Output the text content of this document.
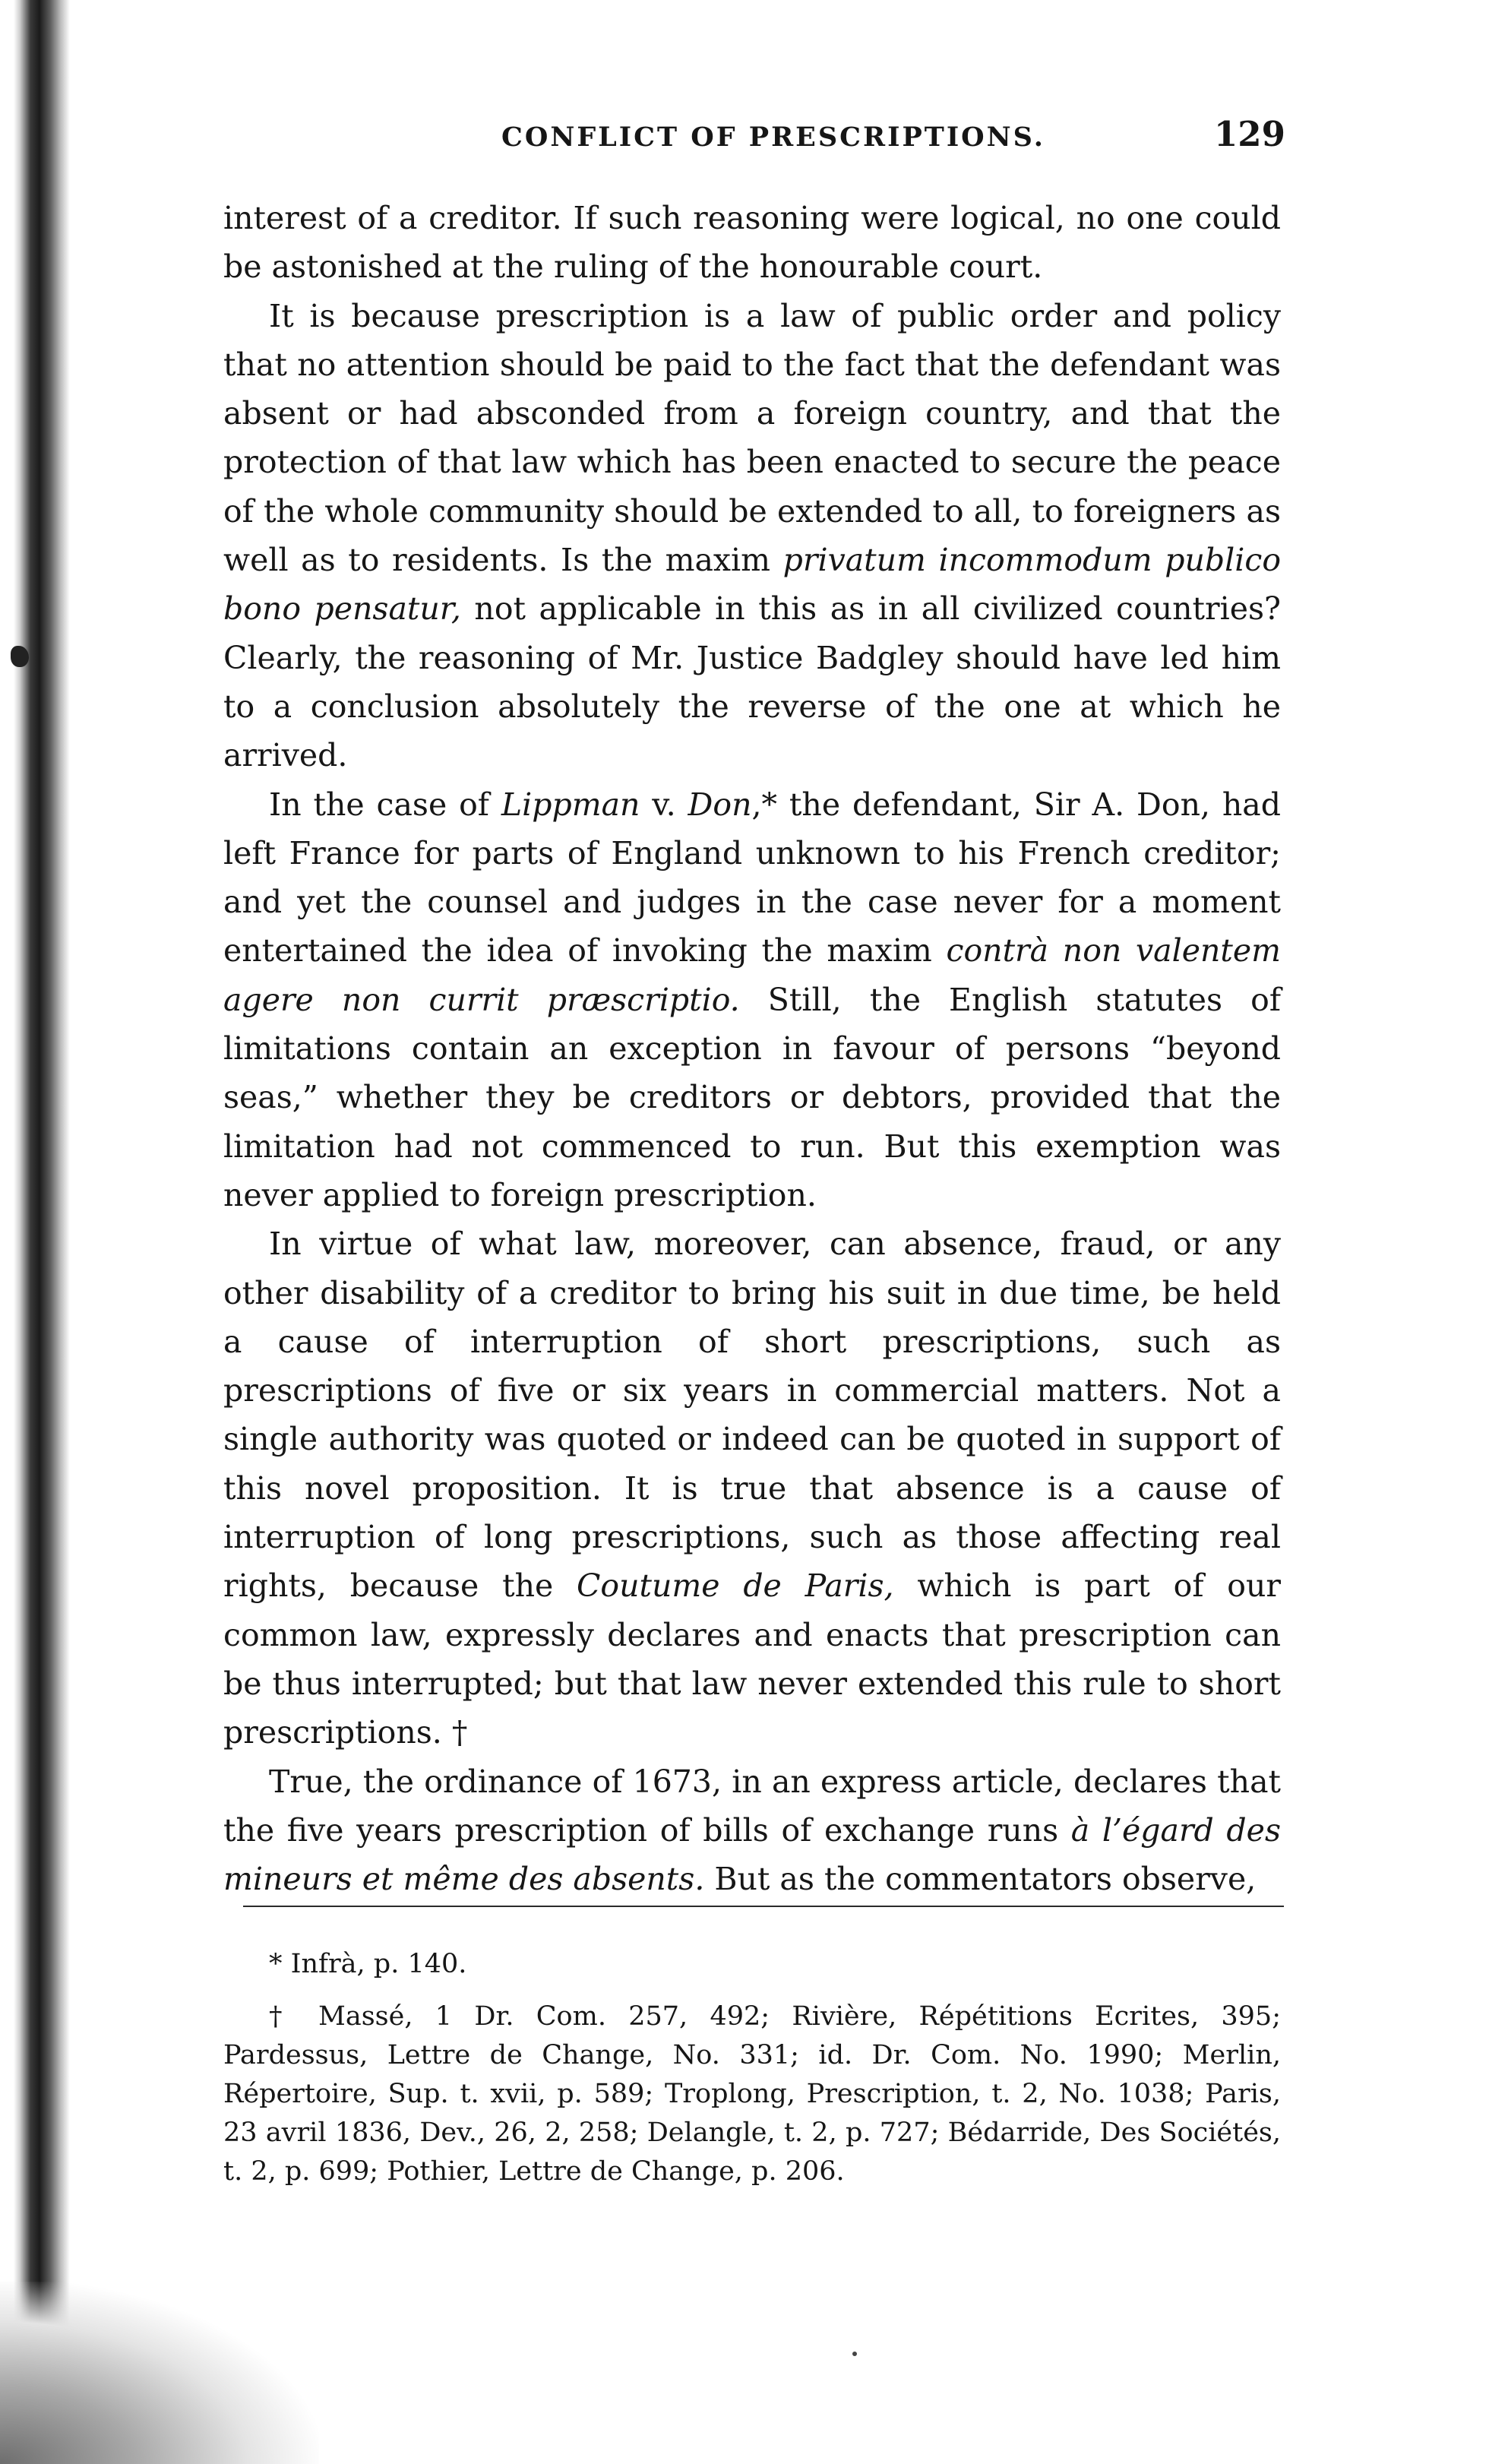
CONFLICT OF PRESCRIPTIONS.	129

interest of a creditor. If such reasoning were logical, no one could be astonished at the ruling of the honourable court.

It is because prescription is a law of public order and policy that no attention should be paid to the fact that the defendant was absent or had absconded from a foreign country, and that the protection of that law which has been enacted to secure the peace of the whole community should be extended to all, to foreigners as well as to residents. Is the maxim privatum incommodum publico bono pensatur, not applicable in this as in all civilized countries? Clearly, the reasoning of Mr. Justice Badgley should have led him to a conclusion absolutely the reverse of the one at which he arrived.

In the case of Lippman v. Don,* the defendant, Sir A. Don, had left France for parts of England unknown to his French creditor; and yet the counsel and judges in the case never for a moment entertained the idea of invoking the maxim contrà non valentem agere non currit præscriptio. Still, the English statutes of limitations contain an exception in favour of persons “beyond seas,” whether they be creditors or debtors, provided that the limitation had not commenced to run. But this exemption was never applied to foreign prescription.

In virtue of what law, moreover, can absence, fraud, or any other disability of a creditor to bring his suit in due time, be held a cause of interruption of short prescriptions, such as prescriptions of five or six years in commercial matters. Not a single authority was quoted or indeed can be quoted in support of this novel proposition. It is true that absence is a cause of interruption of long prescriptions, such as those affecting real rights, because the Coutume de Paris, which is part of our common law, expressly declares and enacts that prescription can be thus interrupted; but that law never extended this rule to short prescriptions. †

True, the ordinance of 1673, in an express article, declares that the five years prescription of bills of exchange runs à l’égard des mineurs et même des absents. But as the commentators observe,

* Infrà, p. 140.

† Massé, 1 Dr. Com. 257, 492; Rivière, Répétitions Ecrites, 395; Pardessus, Lettre de Change, No. 331; id. Dr. Com. No. 1990; Merlin, Répertoire, Sup. t. xvii, p. 589; Troplong, Prescription, t. 2, No. 1038; Paris, 23 avril 1836, Dev., 26, 2, 258; Delangle, t. 2, p. 727; Bédarride, Des Sociétés, t. 2, p. 699; Pothier, Lettre de Change, p. 206.
